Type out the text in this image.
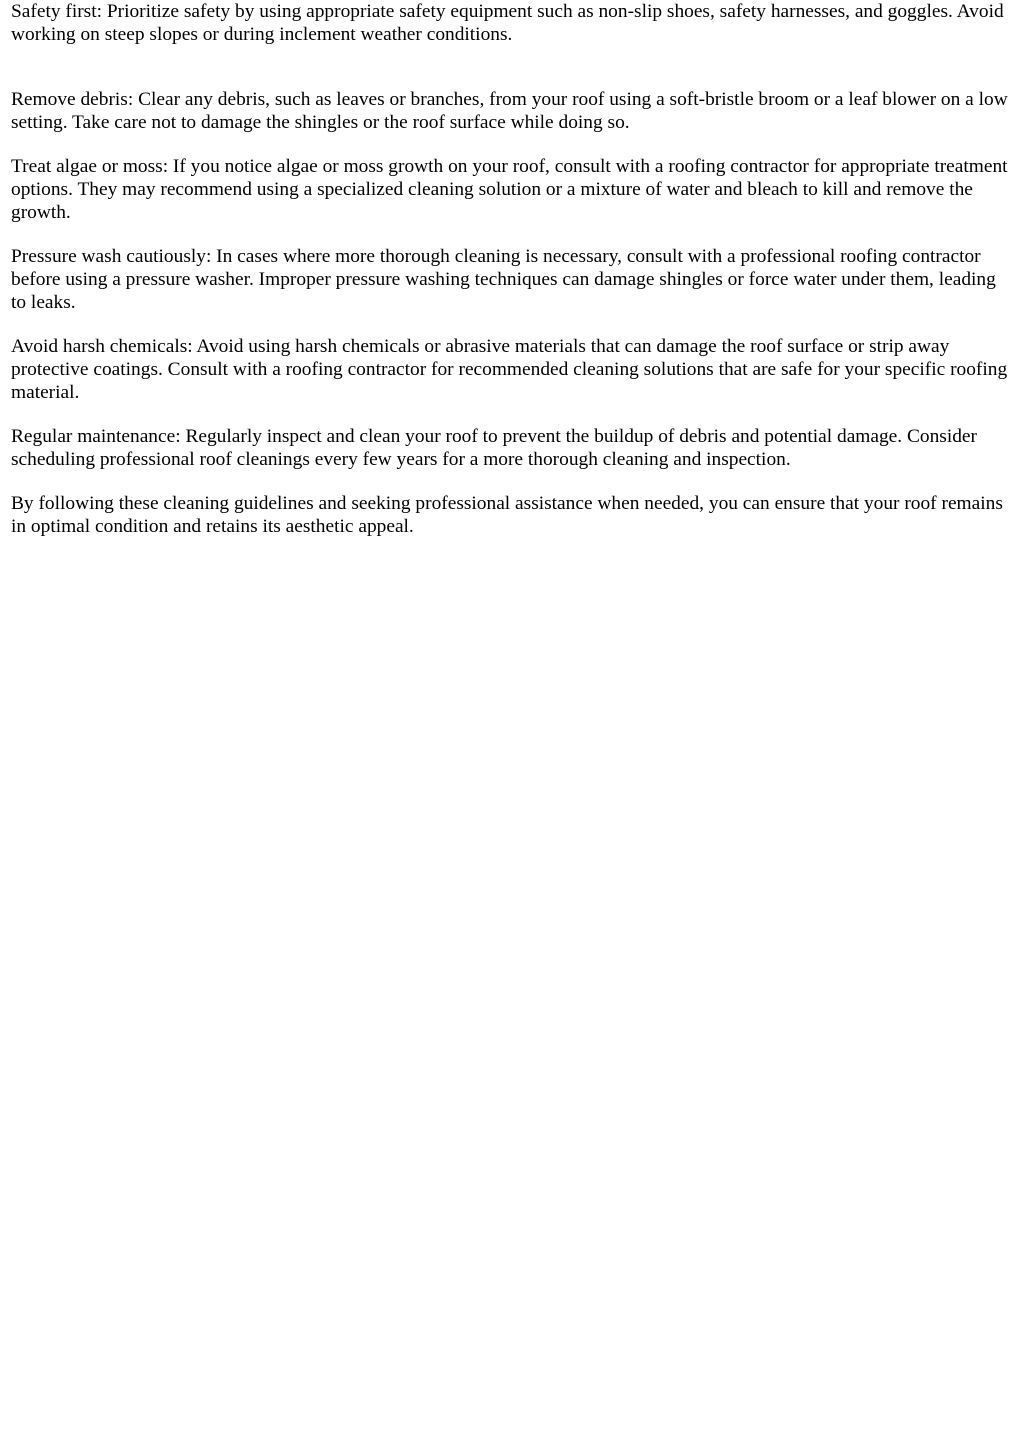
Safety first: Prioritize safety by using appropriate safety equipment such as non-slip shoes, safety harnesses, and goggles. Avoid working on steep slopes or during inclement weather conditions.

Remove debris: Clear any debris, such as leaves or branches, from your roof using a soft-bristle broom or a leaf blower on a low setting. Take care not to damage the shingles or the roof surface while doing so.

Treat algae or moss: If you notice algae or moss growth on your roof, consult with a roofing contractor for appropriate treatment options. They may recommend using a specialized cleaning solution or a mixture of water and bleach to kill and remove the growth.

Pressure wash cautiously: In cases where more thorough cleaning is necessary, consult with a professional roofing contractor before using a pressure washer. Improper pressure washing techniques can damage shingles or force water under them, leading to leaks.

Avoid harsh chemicals: Avoid using harsh chemicals or abrasive materials that can damage the roof surface or strip away protective coatings. Consult with a roofing contractor for recommended cleaning solutions that are safe for your specific roofing material.

Regular maintenance: Regularly inspect and clean your roof to prevent the buildup of debris and potential damage. Consider scheduling professional roof cleanings every few years for a more thorough cleaning and inspection.

By following these cleaning guidelines and seeking professional assistance when needed, you can ensure that your roof remains in optimal condition and retains its aesthetic appeal.
